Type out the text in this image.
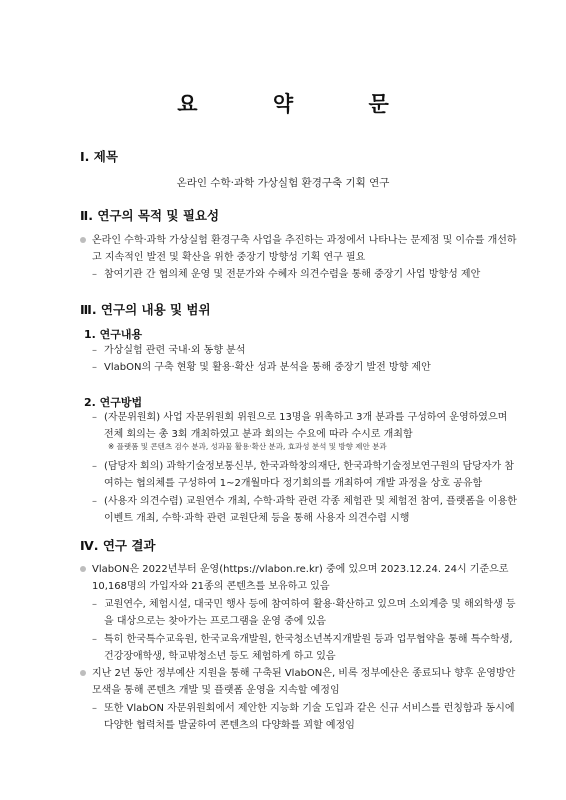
요 약 문
Ⅰ. 제목
온라인 수학·과학 가상실험 환경구축 기획 연구
Ⅱ. 연구의 목적 및 필요성
온라인 수학·과학 가상실험 환경구축 사업을 추진하는 과정에서 나타나는 문제점 및 이슈를 개선하고 지속적인 발전 및 확산을 위한 중장기 방향성 기획 연구 필요
– 참여기관 간 협의체 운영 및 전문가와 수혜자 의견수렴을 통해 중장기 사업 방향성 제안
Ⅲ. 연구의 내용 및 범위
1. 연구내용
– 가상실험 관련 국내·외 동향 분석
– VlabON의 구축 현황 및 활용·확산 성과 분석을 통해 중장기 발전 방향 제안
2. 연구방법
– (자문위원회) 사업 자문위원회 위원으로 13명을 위촉하고 3개 분과를 구성하여 운영하였으며 전체 회의는 총 3회 개최하였고 분과 회의는 수요에 따라 수시로 개최함
※ 플랫폼 및 콘텐츠 검수 분과, 성과물 활용·확산 분과, 효과성 분석 및 방향 제안 분과
– (담당자 회의) 과학기술정보통신부, 한국과학창의재단, 한국과학기술정보연구원의 담당자가 참여하는 협의체를 구성하여 1~2개월마다 정기회의를 개최하여 개발 과정을 상호 공유함
– (사용자 의견수렴) 교원연수 개최, 수학·과학 관련 각종 체험관 및 체험전 참여, 플랫폼을 이용한 이벤트 개최, 수학·과학 관련 교원단체 등을 통해 사용자 의견수렴 시행
Ⅳ. 연구 결과
VlabON은 2022년부터 운영(https://vlabon.re.kr) 중에 있으며 2023.12.24. 24시 기준으로 10,168명의 가입자와 21종의 콘텐츠를 보유하고 있음
– 교원연수, 체험시설, 대국민 행사 등에 참여하여 활용·확산하고 있으며 소외계층 및 해외학생 등을 대상으로는 찾아가는 프로그램을 운영 중에 있음
– 특히 한국특수교육원, 한국교육개발원, 한국청소년복지개발원 등과 업무협약을 통해 특수학생, 건강장애학생, 학교밖청소년 등도 체험하게 하고 있음
지난 2년 동안 정부예산 지원을 통해 구축된 VlabON은, 비록 정부예산은 종료되나 향후 운영방안 모색을 통해 콘텐츠 개발 및 플랫폼 운영을 지속할 예정임
– 또한 VlabON 자문위원회에서 제안한 지능화 기술 도입과 같은 신규 서비스를 런칭함과 동시에 다양한 협력처를 발굴하여 콘텐츠의 다양화를 꾀할 예정임
